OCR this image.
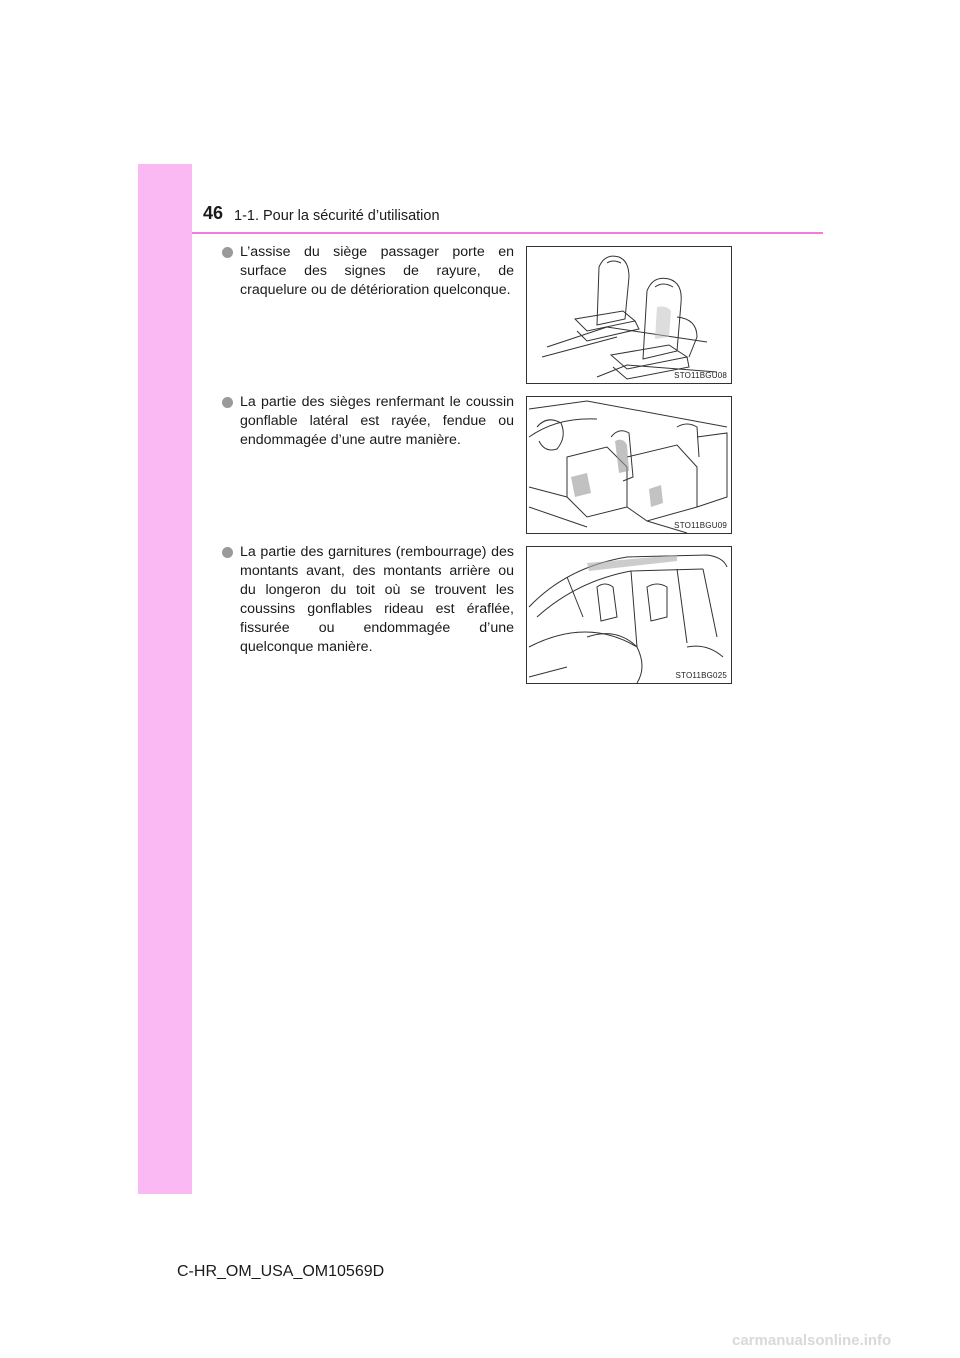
46 1-1. Pour la sécurité d’utilisation
L’assise du siège passager porte en surface des signes de rayure, de craquelure ou de détérioration quelconque.
STO11BGU08
La partie des sièges renfermant le coussin gonflable latéral est rayée, fendue ou endommagée d’une autre manière.
STO11BGU09
La partie des garnitures (rembourrage) des montants avant, des montants arrière ou du longeron du toit où se trouvent les coussins gonflables rideau est éraflée, fissurée ou endommagée d’une quelconque manière.
STO11BG025
C-HR_OM_USA_OM10569D
carmanualsonline.info
